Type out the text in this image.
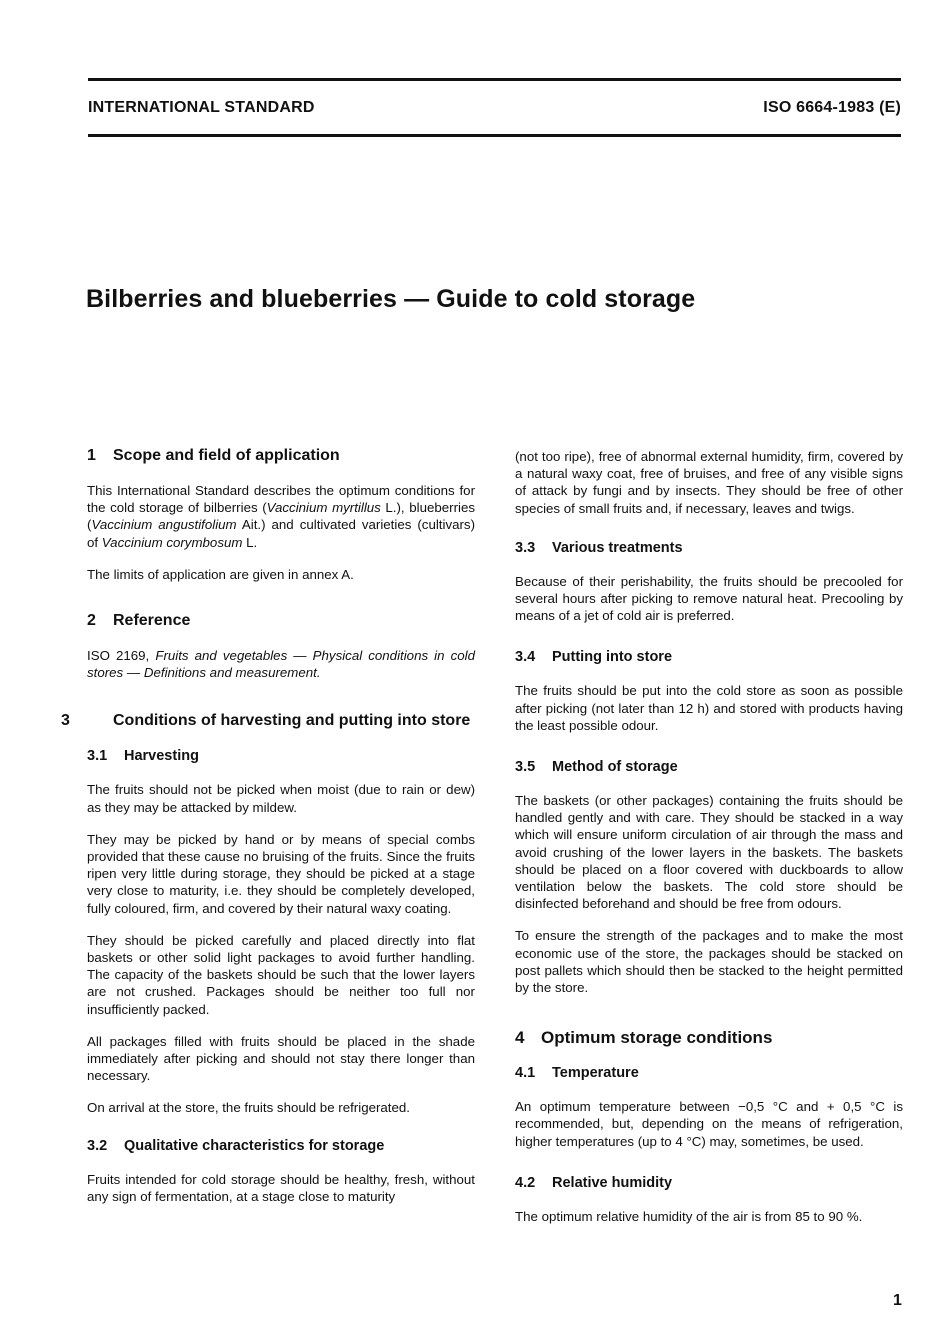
INTERNATIONAL STANDARD	ISO 6664-1983 (E)
Bilberries and blueberries — Guide to cold storage
1 Scope and field of application

This International Standard describes the optimum conditions for the cold storage of bilberries (Vaccinium myrtillus L.), blueberries (Vaccinium angustifolium Ait.) and cultivated varieties (cultivars) of Vaccinium corymbosum L.

The limits of application are given in annex A.

2 Reference

ISO 2169, Fruits and vegetables — Physical conditions in cold stores — Definitions and measurement.

3	Conditions of harvesting and putting into store
3.1 Harvesting

The fruits should not be picked when moist (due to rain or dew) as they may be attacked by mildew.

They may be picked by hand or by means of special combs provided that these cause no bruising of the fruits. Since the fruits ripen very little during storage, they should be picked at a stage very close to maturity, i.e. they should be completely developed, fully coloured, firm, and covered by their natural waxy coating.

They should be picked carefully and placed directly into flat baskets or other solid light packages to avoid further handling. The capacity of the baskets should be such that the lower layers are not crushed. Packages should be neither too full nor insufficiently packed.

All packages filled with fruits should be placed in the shade immediately after picking and should not stay there longer than necessary.

On arrival at the store, the fruits should be refrigerated.

3.2 Qualitative characteristics for storage

Fruits intended for cold storage should be healthy, fresh, without any sign of fermentation, at a stage close to maturity

(not too ripe), free of abnormal external humidity, firm, covered by a natural waxy coat, free of bruises, and free of any visible signs of attack by fungi and by insects. They should be free of other species of small fruits and, if necessary, leaves and twigs.

3.3 Various treatments

Because of their perishability, the fruits should be precooled for several hours after picking to remove natural heat. Precooling by means of a jet of cold air is preferred.

3.4 Putting into store

The fruits should be put into the cold store as soon as possible after picking (not later than 12 h) and stored with products having the least possible odour.

3.5 Method of storage

The baskets (or other packages) containing the fruits should be handled gently and with care. They should be stacked in a way which will ensure uniform circulation of air through the mass and avoid crushing of the lower layers in the baskets. The baskets should be placed on a floor covered with duckboards to allow ventilation below the baskets. The cold store should be disinfected beforehand and should be free from odours.

To ensure the strength of the packages and to make the most economic use of the store, the packages should be stacked on post pallets which should then be stacked to the height permitted by the store.

4 Optimum storage conditions
4.1 Temperature

An optimum temperature between −0,5 °C and + 0,5 °C is recommended, but, depending on the means of refrigeration, higher temperatures (up to 4 °C) may, sometimes, be used.

4.2 Relative humidity

The optimum relative humidity of the air is from 85 to 90 %.

1
